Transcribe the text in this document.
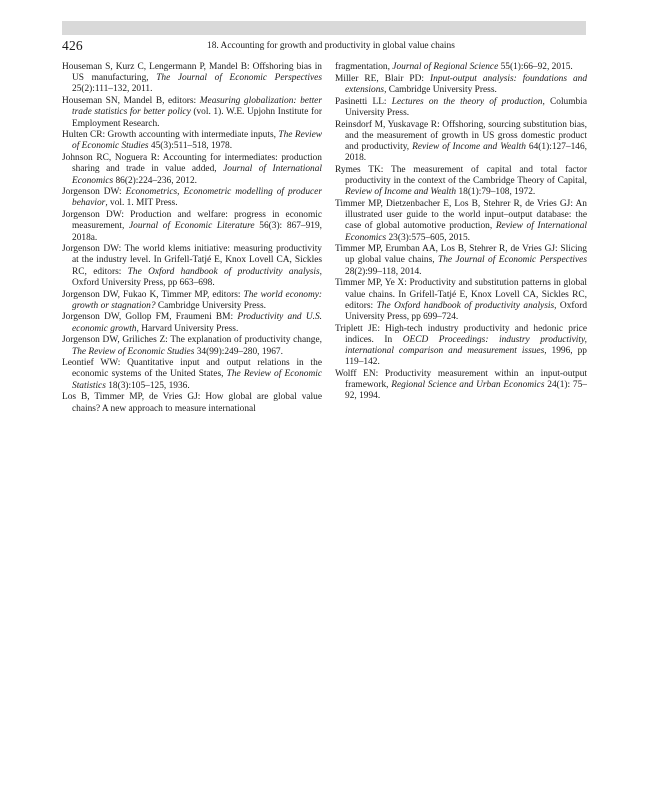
426	18. Accounting for growth and productivity in global value chains
Houseman S, Kurz C, Lengermann P, Mandel B: Offshoring bias in US manufacturing, The Journal of Economic Perspectives 25(2):111–132, 2011.
Houseman SN, Mandel B, editors: Measuring globalization: better trade statistics for better policy (vol. 1). W.E. Upjohn Institute for Employment Research.
Hulten CR: Growth accounting with intermediate inputs, The Review of Economic Studies 45(3):511–518, 1978.
Johnson RC, Noguera R: Accounting for intermediates: production sharing and trade in value added, Journal of International Economics 86(2):224–236, 2012.
Jorgenson DW: Econometrics, Econometric modelling of producer behavior, vol. 1. MIT Press.
Jorgenson DW: Production and welfare: progress in economic measurement, Journal of Economic Literature 56(3): 867–919, 2018a.
Jorgenson DW: The world klems initiative: measuring productivity at the industry level. In Grifell-Tatjé E, Knox Lovell CA, Sickles RC, editors: The Oxford handbook of productivity analysis, Oxford University Press, pp 663–698.
Jorgenson DW, Fukao K, Timmer MP, editors: The world economy: growth or stagnation? Cambridge University Press.
Jorgenson DW, Gollop FM, Fraumeni BM: Productivity and U.S. economic growth, Harvard University Press.
Jorgenson DW, Griliches Z: The explanation of productivity change, The Review of Economic Studies 34(99):249–280, 1967.
Leontief WW: Quantitative input and output relations in the economic systems of the United States, The Review of Economic Statistics 18(3):105–125, 1936.
Los B, Timmer MP, de Vries GJ: How global are global value chains? A new approach to measure international
fragmentation, Journal of Regional Science 55(1):66–92, 2015.
Miller RE, Blair PD: Input-output analysis: foundations and extensions, Cambridge University Press.
Pasinetti LL: Lectures on the theory of production, Columbia University Press.
Reinsdorf M, Yuskavage R: Offshoring, sourcing substitution bias, and the measurement of growth in US gross domestic product and productivity, Review of Income and Wealth 64(1):127–146, 2018.
Rymes TK: The measurement of capital and total factor productivity in the context of the Cambridge Theory of Capital, Review of Income and Wealth 18(1):79–108, 1972.
Timmer MP, Dietzenbacher E, Los B, Stehrer R, de Vries GJ: An illustrated user guide to the world input–output database: the case of global automotive production, Review of International Economics 23(3):575–605, 2015.
Timmer MP, Erumban AA, Los B, Stehrer R, de Vries GJ: Slicing up global value chains, The Journal of Economic Perspectives 28(2):99–118, 2014.
Timmer MP, Ye X: Productivity and substitution patterns in global value chains. In Grifell-Tatjé E, Knox Lovell CA, Sickles RC, editors: The Oxford handbook of productivity analysis, Oxford University Press, pp 699–724.
Triplett JE: High-tech industry productivity and hedonic price indices. In OECD Proceedings: industry productivity, international comparison and measurement issues, 1996, pp 119–142.
Wolff EN: Productivity measurement within an input-output framework, Regional Science and Urban Economics 24(1): 75–92, 1994.
